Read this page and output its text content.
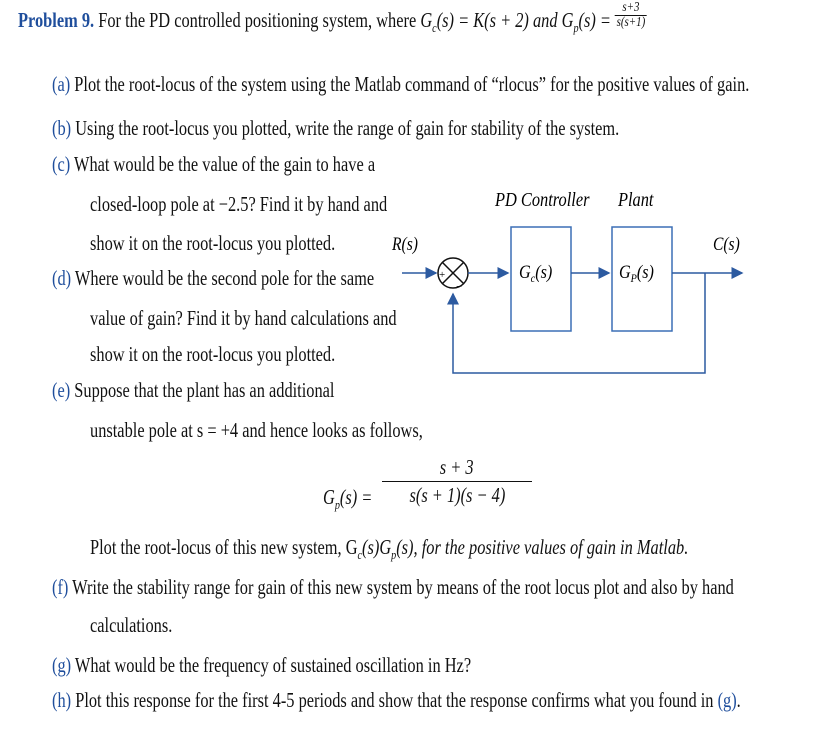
Problem 9. For the PD controlled positioning system, where $G_c(s) = K(s + 2)$ and $G_p(s) = \frac{s+3}{s(s+1)}$
(a) Plot the root-locus of the system using the Matlab command of “rlocus” for the positive values of gain.
(b) Using the root-locus you plotted, write the range of gain for stability of the system.
(c) What would be the value of the gain to have a
closed-loop pole at −2.5? Find it by hand and
show it on the root-locus you plotted.
(d) Where would be the second pole for the same
value of gain? Find it by hand calculations and
show it on the root-locus you plotted.
(e) Suppose that the plant has an additional
unstable pole at s = +4 and hence looks as follows,
$G_p(s) = \frac{s + 3}{s(s + 1)(s - 4)}$
Plot the root-locus of this new system, $G_c(s)G_p(s)$, for the positive values of gain in Matlab.
(f) Write the stability range for gain of this new system by means of the root locus plot and also by hand
calculations.
(g) What would be the frequency of sustained oscillation in Hz?
(h) Plot this response for the first 4-5 periods and show that the response confirms what you found in (g).
PD Controller Plant
R(s)	C(s)
+
−
$G_c(s)$	$G_P(s)$
